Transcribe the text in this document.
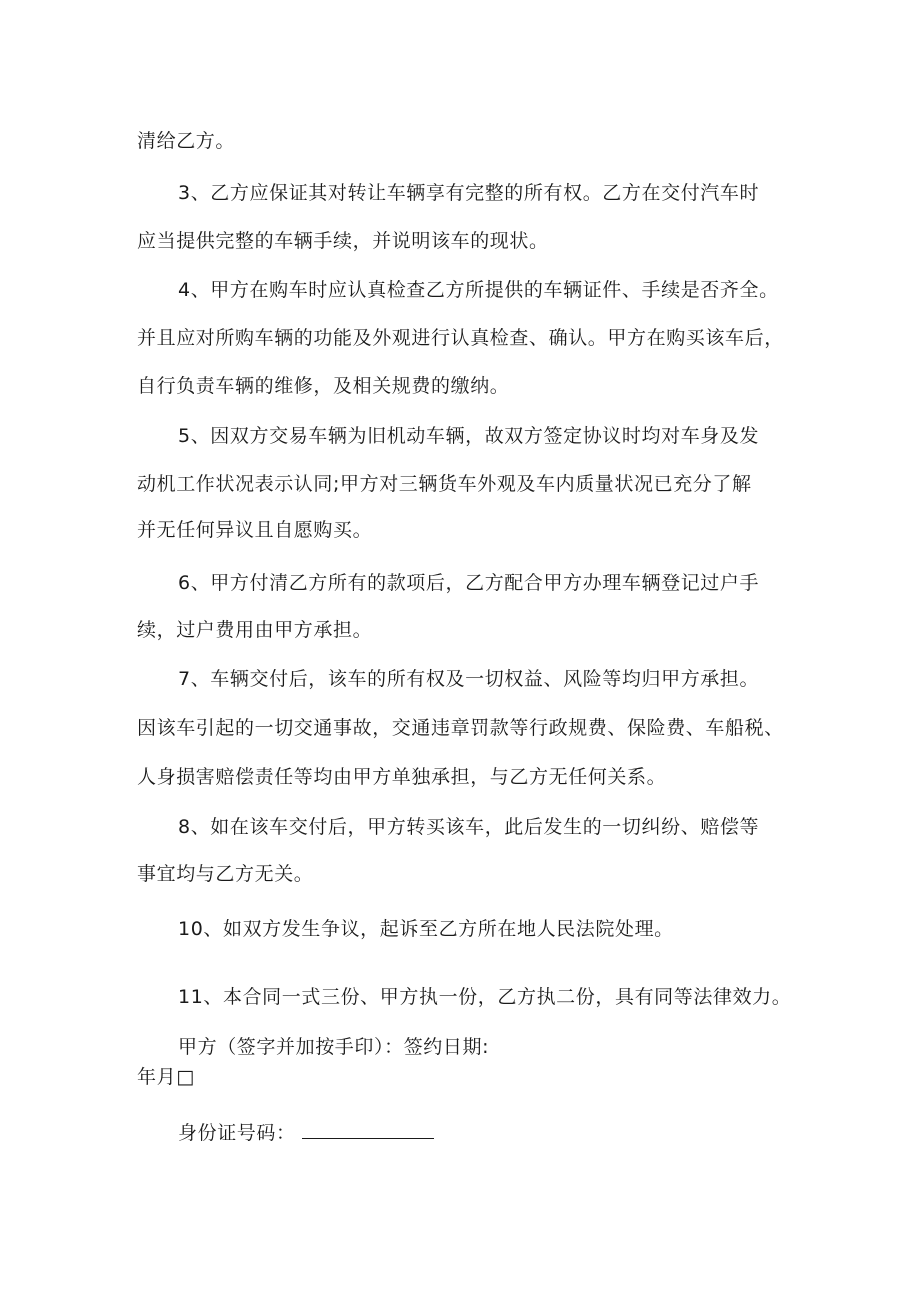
清给乙方。
3、乙方应保证其对转让车辆享有完整的所有权。乙方在交付汽车时
应当提供完整的车辆手续，并说明该车的现状。
4、甲方在购车时应认真检查乙方所提供的车辆证件、手续是否齐全。
并且应对所购车辆的功能及外观进行认真检查、确认。甲方在购买该车后，
自行负责车辆的维修，及相关规费的缴纳。
5、因双方交易车辆为旧机动车辆，故双方签定协议时均对车身及发
动机工作状况表示认同;甲方对三辆货车外观及车内质量状况已充分了解
并无任何异议且自愿购买。
6、甲方付清乙方所有的款项后，乙方配合甲方办理车辆登记过户手
续，过户费用由甲方承担。
7、车辆交付后，该车的所有权及一切权益、风险等均归甲方承担。
因该车引起的一切交通事故，交通违章罚款等行政规费、保险费、车船税、
人身损害赔偿责任等均由甲方单独承担，与乙方无任何关系。
8、如在该车交付后，甲方转买该车，此后发生的一切纠纷、赔偿等
事宜均与乙方无关。
10、如双方发生争议，起诉至乙方所在地人民法院处理。
11、本合同一式三份、甲方执一份，乙方执二份，具有同等法律效力。
甲方（签字并加按手印）：签约日期:
年月□
身份证号码：
